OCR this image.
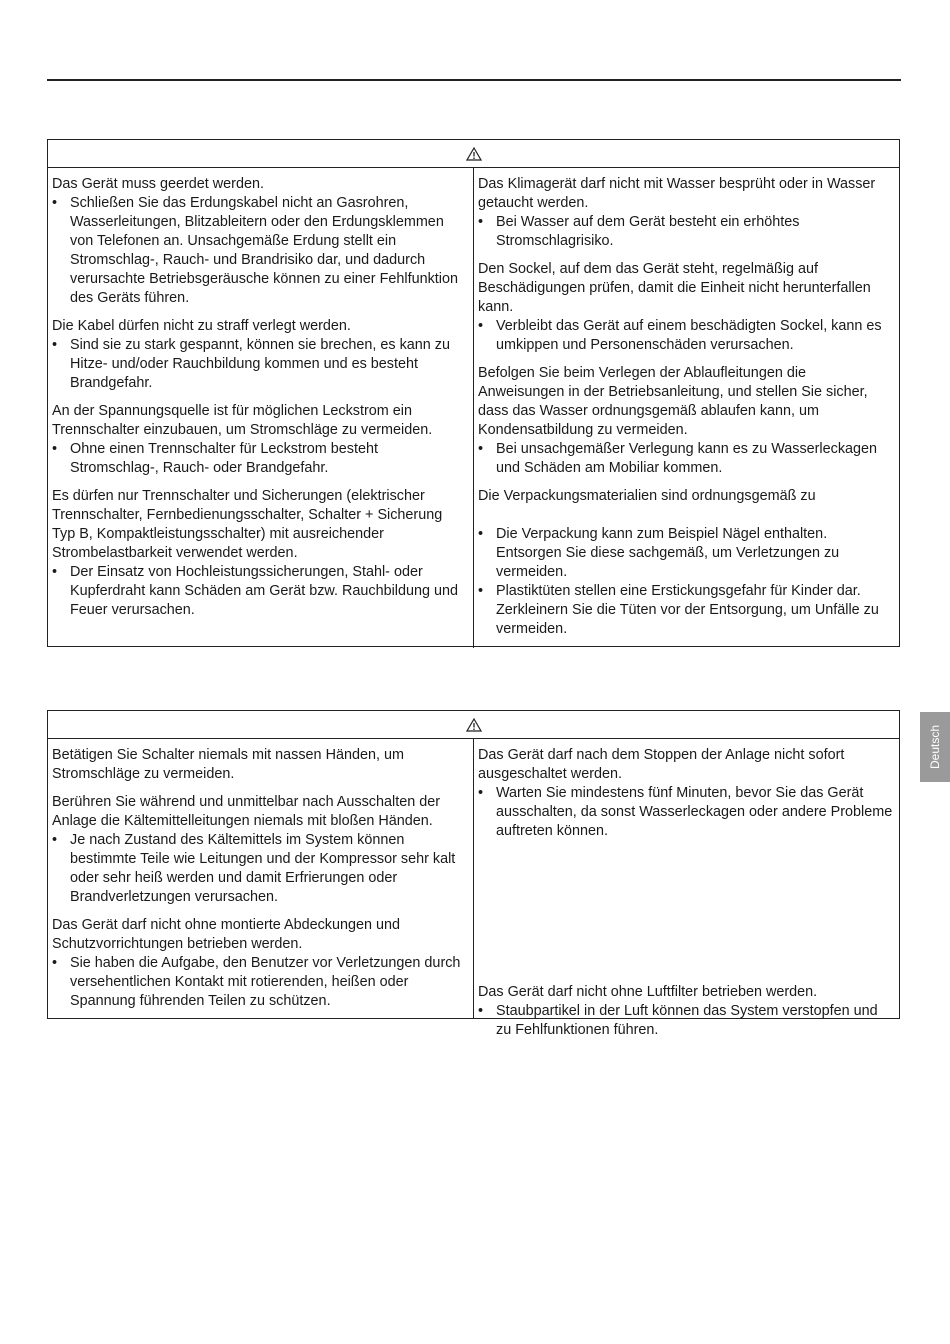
Das Gerät muss geerdet werden.
• Schließen Sie das Erdungskabel nicht an Gasrohren, Wasserleitungen, Blitzableitern oder den Erdungsklemmen von Telefonen an. Unsachgemäße Erdung stellt ein Stromschlag-, Rauch- und Brandrisiko dar, und dadurch verursachte Betriebsgeräusche können zu einer Fehlfunktion des Geräts führen.
Die Kabel dürfen nicht zu straff verlegt werden.
• Sind sie zu stark gespannt, können sie brechen, es kann zu Hitze- und/oder Rauchbildung kommen und es besteht Brandgefahr.
An der Spannungsquelle ist für möglichen Leckstrom ein Trennschalter einzubauen, um Stromschläge zu vermeiden.
• Ohne einen Trennschalter für Leckstrom besteht Stromschlag-, Rauch- oder Brandgefahr.
Es dürfen nur Trennschalter und Sicherungen (elektrischer Trennschalter, Fernbedienungsschalter, Schalter + Sicherung Typ B, Kompaktleistungsschalter) mit ausreichender Strombelastbarkeit verwendet werden.
• Der Einsatz von Hochleistungssicherungen, Stahl- oder Kupferdraht kann Schäden am Gerät bzw. Rauchbildung und Feuer verursachen.
Das Klimagerät darf nicht mit Wasser besprüht oder in Wasser getaucht werden.
• Bei Wasser auf dem Gerät besteht ein erhöhtes Stromschlagrisiko.
Den Sockel, auf dem das Gerät steht, regelmäßig auf Beschädigungen prüfen, damit die Einheit nicht herunterfallen kann.
• Verbleibt das Gerät auf einem beschädigten Sockel, kann es umkippen und Personenschäden verursachen.
Befolgen Sie beim Verlegen der Ablaufleitungen die Anweisungen in der Betriebsanleitung, und stellen Sie sicher, dass das Wasser ordnungsgemäß ablaufen kann, um Kondensatbildung zu vermeiden.
• Bei unsachgemäßer Verlegung kann es zu Wasserleckagen und Schäden am Mobiliar kommen.
Die Verpackungsmaterialien sind ordnungsgemäß zu
• Die Verpackung kann zum Beispiel Nägel enthalten. Entsorgen Sie diese sachgemäß, um Verletzungen zu vermeiden.
• Plastiktüten stellen eine Erstickungsgefahr für Kinder dar. Zerkleinern Sie die Tüten vor der Entsorgung, um Unfälle zu vermeiden.
Betätigen Sie Schalter niemals mit nassen Händen, um Stromschläge zu vermeiden.
Berühren Sie während und unmittelbar nach Ausschalten der Anlage die Kältemittelleitungen niemals mit bloßen Händen.
• Je nach Zustand des Kältemittels im System können bestimmte Teile wie Leitungen und der Kompressor sehr kalt oder sehr heiß werden und damit Erfrierungen oder Brandverletzungen verursachen.
Das Gerät darf nicht ohne montierte Abdeckungen und Schutzvorrichtungen betrieben werden.
• Sie haben die Aufgabe, den Benutzer vor Verletzungen durch versehentlichen Kontakt mit rotierenden, heißen oder Spannung führenden Teilen zu schützen.
Das Gerät darf nach dem Stoppen der Anlage nicht sofort ausgeschaltet werden.
• Warten Sie mindestens fünf Minuten, bevor Sie das Gerät ausschalten, da sonst Wasserleckagen oder andere Probleme auftreten können.
Das Gerät darf nicht ohne Luftfilter betrieben werden.
• Staubpartikel in der Luft können das System verstopfen und zu Fehlfunktionen führen.
Deutsch
